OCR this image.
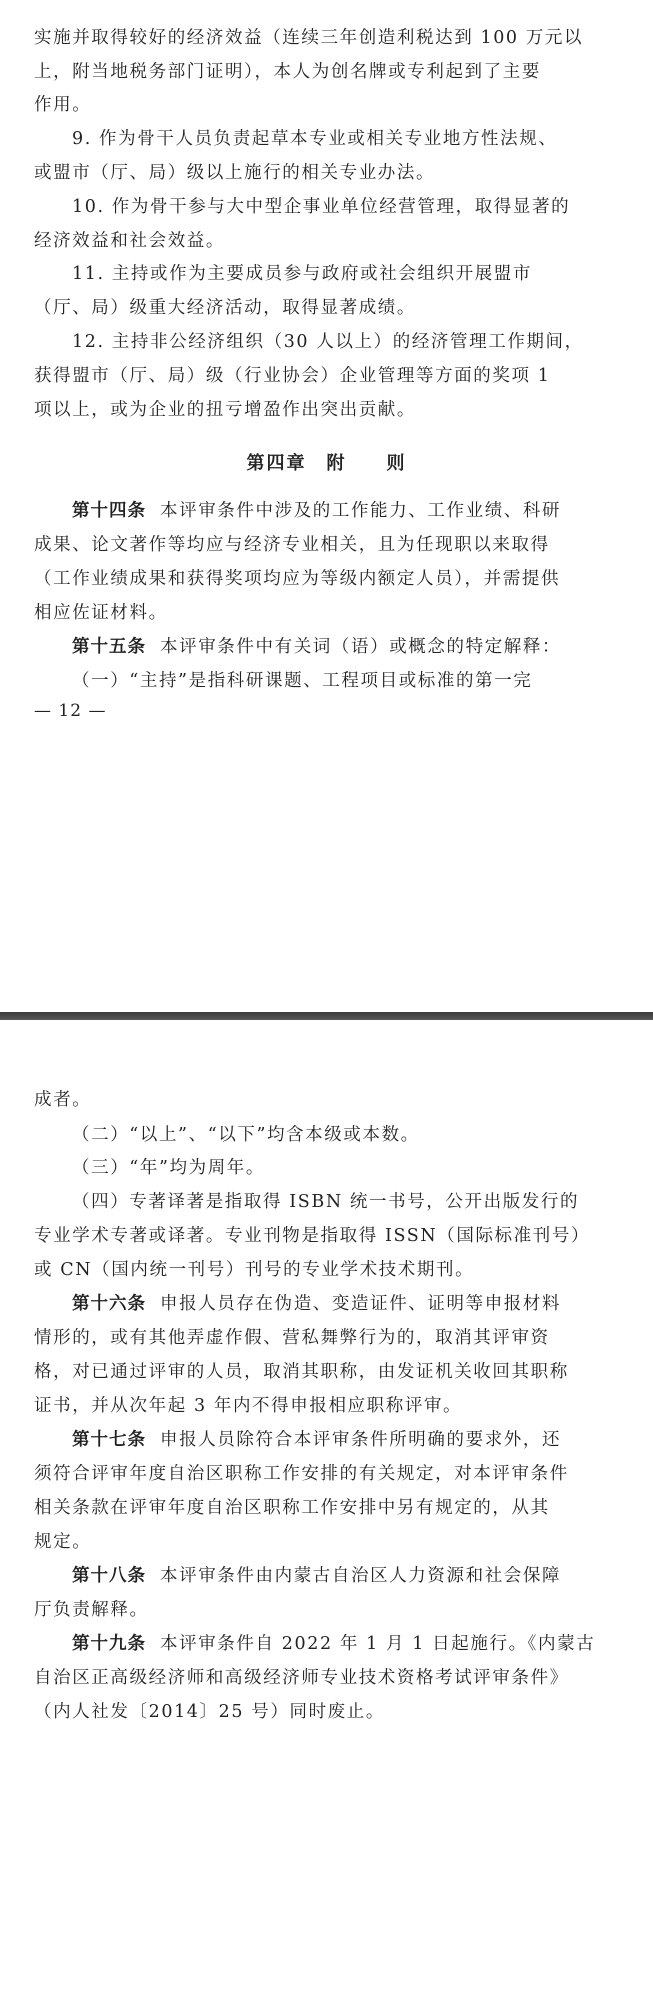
实施并取得较好的经济效益（连续三年创造利税达到 100 万元以
上，附当地税务部门证明），本人为创名牌或专利起到了主要
作用。
9. 作为骨干人员负责起草本专业或相关专业地方性法规、
或盟市（厅、局）级以上施行的相关专业办法。
10. 作为骨干参与大中型企事业单位经营管理，取得显著的
经济效益和社会效益。
11. 主持或作为主要成员参与政府或社会组织开展盟市
（厅、局）级重大经济活动，取得显著成绩。
12. 主持非公经济组织（30 人以上）的经济管理工作期间，
获得盟市（厅、局）级（行业协会）企业管理等方面的奖项 1
项以上，或为企业的扭亏增盈作出突出贡献。
第四章　附　　则
第十四条 本评审条件中涉及的工作能力、工作业绩、科研
成果、论文著作等均应与经济专业相关，且为任现职以来取得
（工作业绩成果和获得奖项均应为等级内额定人员），并需提供
相应佐证材料。
第十五条 本评审条件中有关词（语）或概念的特定解释：
（一）“主持”是指科研课题、工程项目或标准的第一完
— 12 —
成者。
（二）“以上”、“以下”均含本级或本数。
（三）“年”均为周年。
（四）专著译著是指取得 ISBN 统一书号，公开出版发行的
专业学术专著或译著。专业刊物是指取得 ISSN（国际标准刊号）
或 CN（国内统一刊号）刊号的专业学术技术期刊。
第十六条 申报人员存在伪造、变造证件、证明等申报材料
情形的，或有其他弄虚作假、营私舞弊行为的，取消其评审资
格，对已通过评审的人员，取消其职称，由发证机关收回其职称
证书，并从次年起 3 年内不得申报相应职称评审。
第十七条 申报人员除符合本评审条件所明确的要求外，还
须符合评审年度自治区职称工作安排的有关规定，对本评审条件
相关条款在评审年度自治区职称工作安排中另有规定的，从其
规定。
第十八条 本评审条件由内蒙古自治区人力资源和社会保障
厅负责解释。
第十九条 本评审条件自 2022 年 1 月 1 日起施行。《内蒙古
自治区正高级经济师和高级经济师专业技术资格考试评审条件》
（内人社发〔2014〕25 号）同时废止。
